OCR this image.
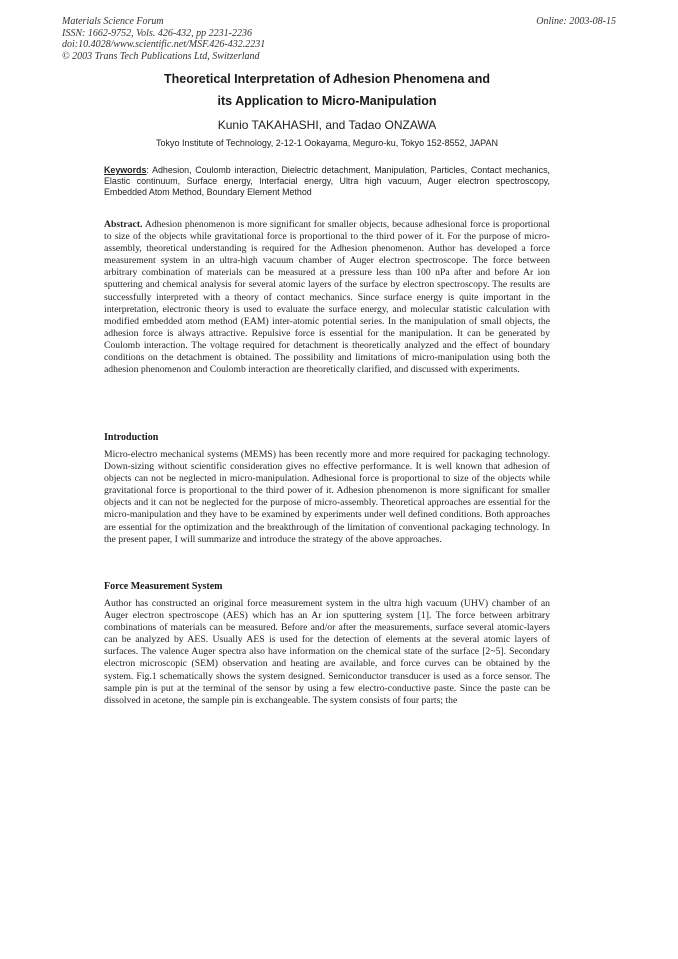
Materials Science Forum
ISSN: 1662-9752, Vols. 426-432, pp 2231-2236
doi:10.4028/www.scientific.net/MSF.426-432.2231
© 2003 Trans Tech Publications Ltd, Switzerland
Online: 2003-08-15
Theoretical Interpretation of Adhesion Phenomena and
its Application to Micro-Manipulation
Kunio TAKAHASHI, and Tadao ONZAWA
Tokyo Institute of Technology, 2-12-1 Ookayama, Meguro-ku, Tokyo 152-8552, JAPAN
Keywords: Adhesion, Coulomb interaction, Dielectric detachment, Manipulation, Particles, Contact mechanics, Elastic continuum, Surface energy, Interfacial energy, Ultra high vacuum, Auger electron spectroscopy, Embedded Atom Method, Boundary Element Method
Abstract. Adhesion phenomenon is more significant for smaller objects, because adhesional force is proportional to size of the objects while gravitational force is proportional to the third power of it. For the purpose of micro-assembly, theoretical understanding is required for the Adhesion phenomenon. Author has developed a force measurement system in an ultra-high vacuum chamber of Auger electron spectroscope. The force between arbitrary combination of materials can be measured at a pressure less than 100 nPa after and before Ar ion sputtering and chemical analysis for several atomic layers of the surface by electron spectroscopy. The results are successfully interpreted with a theory of contact mechanics. Since surface energy is quite important in the interpretation, electronic theory is used to evaluate the surface energy, and molecular statistic calculation with modified embedded atom method (EAM) inter-atomic potential series. In the manipulation of small objects, the adhesion force is always attractive. Repulsive force is essential for the manipulation. It can be generated by Coulomb interaction. The voltage required for detachment is theoretically analyzed and the effect of boundary conditions on the detachment is obtained. The possibility and limitations of micro-manipulation using both the adhesion phenomenon and Coulomb interaction are theoretically clarified, and discussed with experiments.
Introduction
Micro-electro mechanical systems (MEMS) has been recently more and more required for packaging technology. Down-sizing without scientific consideration gives no effective performance. It is well known that adhesion of objects can not be neglected in micro-manipulation. Adhesional force is proportional to size of the objects while gravitational force is proportional to the third power of it. Adhesion phenomenon is more significant for smaller objects and it can not be neglected for the purpose of micro-assembly. Theoretical approaches are essential for the micro-manipulation and they have to be examined by experiments under well defined conditions. Both approaches are essential for the optimization and the breakthrough of the limitation of conventional packaging technology. In the present paper, I will summarize and introduce the strategy of the above approaches.
Force Measurement System
Author has constructed an original force measurement system in the ultra high vacuum (UHV) chamber of an Auger electron spectroscope (AES) which has an Ar ion sputtering system [1]. The force between arbitrary combinations of materials can be measured. Before and/or after the measurements, surface several atomic-layers can be analyzed by AES. Usually AES is used for the detection of elements at the several atomic layers of surfaces. The valence Auger spectra also have information on the chemical state of the surface [2~5]. Secondary electron microscopic (SEM) observation and heating are available, and force curves can be obtained by the system. Fig.1 schematically shows the system designed. Semiconductor transducer is used as a force sensor. The sample pin is put at the terminal of the sensor by using a few electro-conductive paste. Since the paste can be dissolved in acetone, the sample pin is exchangeable. The system consists of four parts; the
